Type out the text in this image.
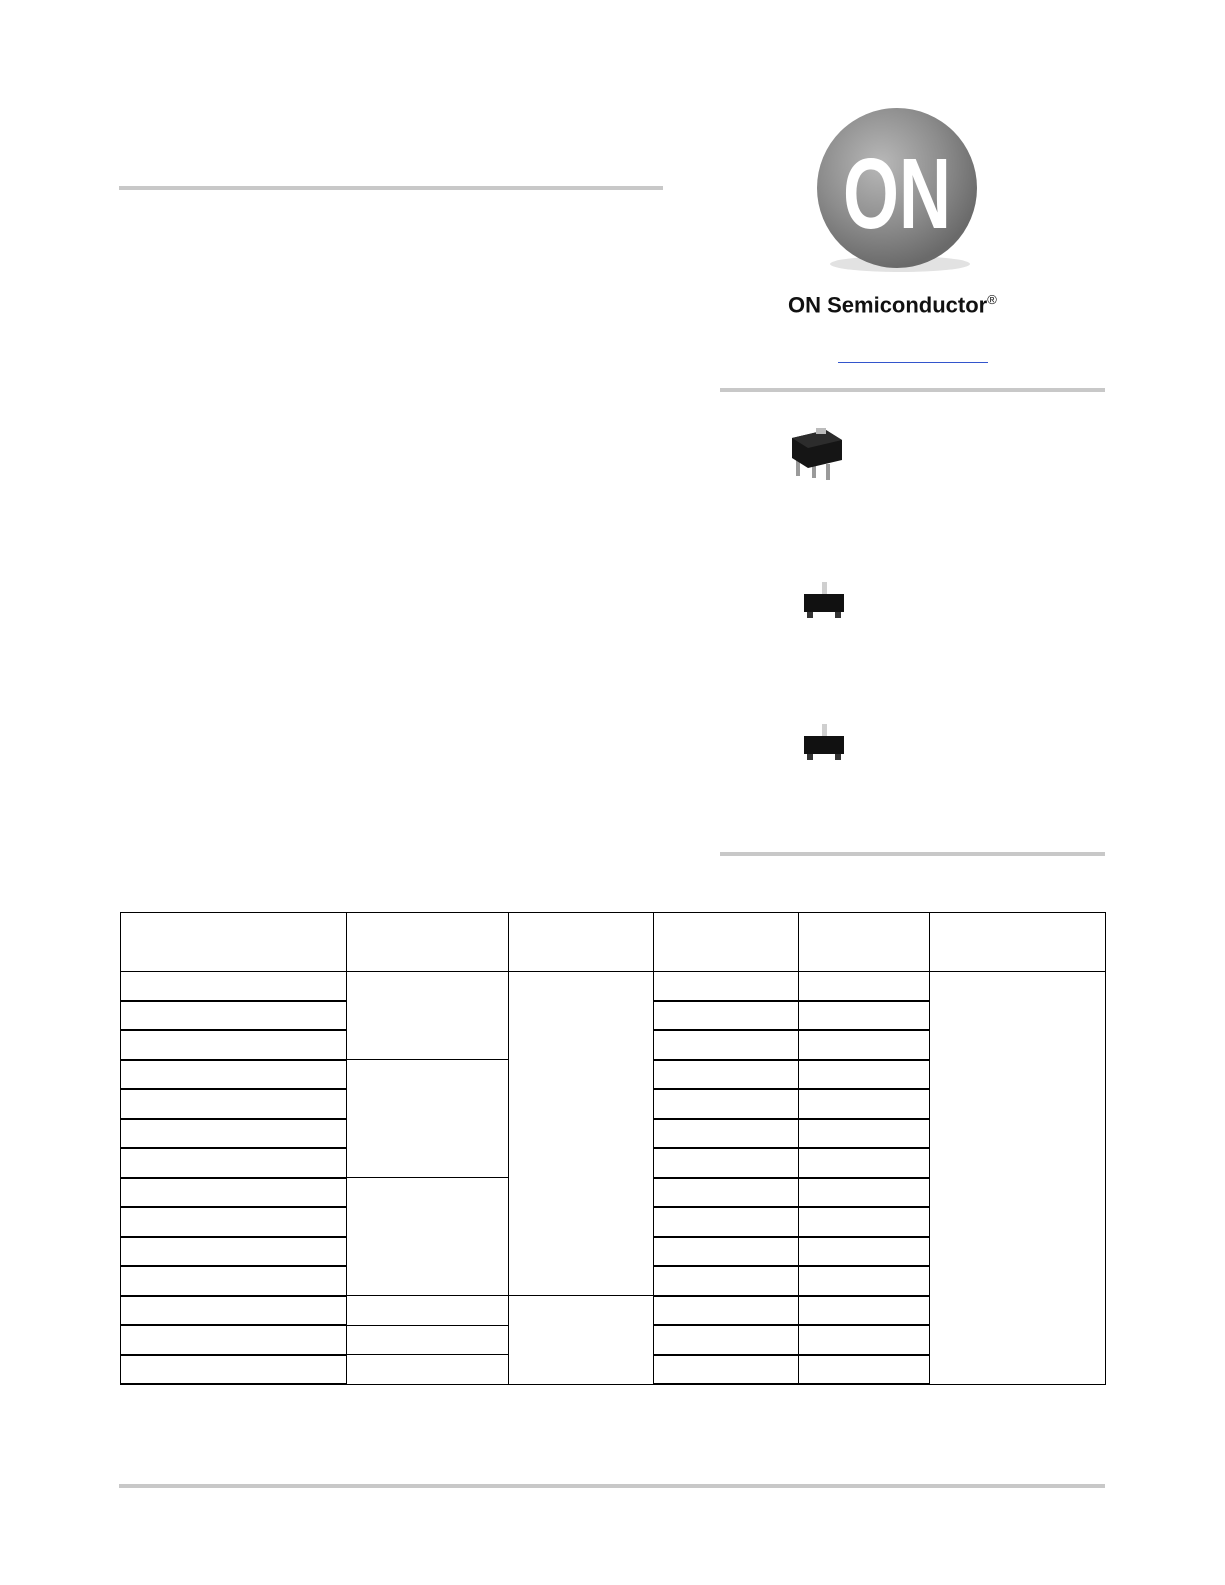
ON
ON Semiconductor®
